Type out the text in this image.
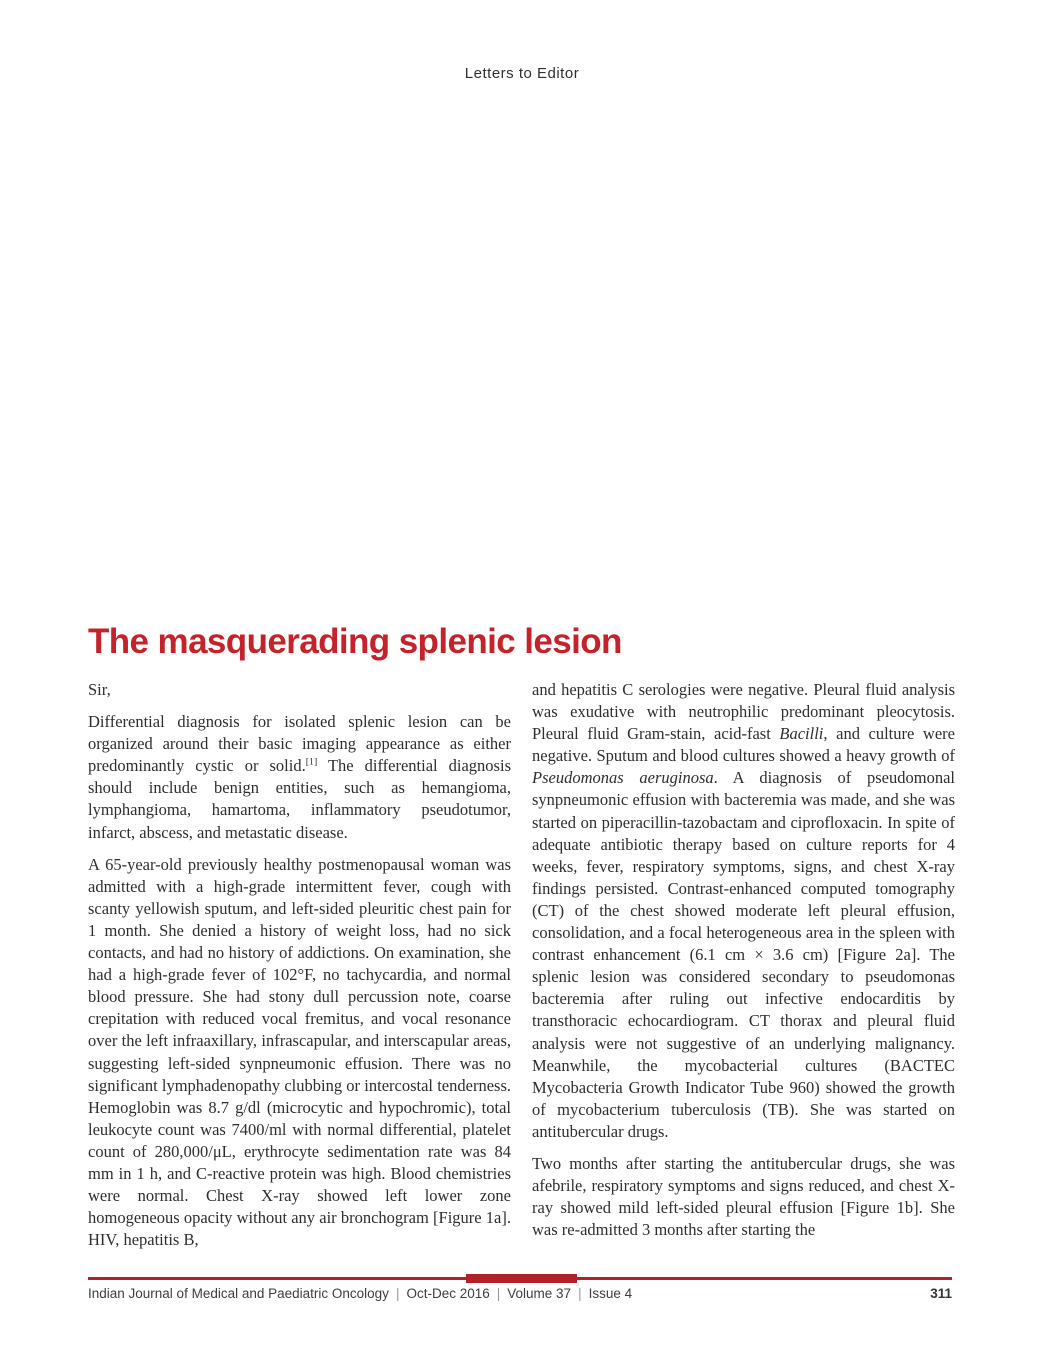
Letters to Editor
The masquerading splenic lesion

Sir,

Differential diagnosis for isolated splenic lesion can be organized around their basic imaging appearance as either predominantly cystic or solid.[1] The differential diagnosis should include benign entities, such as hemangioma, lymphangioma, hamartoma, inflammatory pseudotumor, infarct, abscess, and metastatic disease.

A 65-year-old previously healthy postmenopausal woman was admitted with a high-grade intermittent fever, cough with scanty yellowish sputum, and left-sided pleuritic chest pain for 1 month. She denied a history of weight loss, had no sick contacts, and had no history of addictions. On examination, she had a high-grade fever of 102°F, no tachycardia, and normal blood pressure. She had stony dull percussion note, coarse crepitation with reduced vocal fremitus, and vocal resonance over the left infraaxillary, infrascapular, and interscapular areas, suggesting left-sided synpneumonic effusion. There was no significant lymphadenopathy clubbing or intercostal tenderness. Hemoglobin was 8.7 g/dl (microcytic and hypochromic), total leukocyte count was 7400/ml with normal differential, platelet count of 280,000/μL, erythrocyte sedimentation rate was 84 mm in 1 h, and C-reactive protein was high. Blood chemistries were normal. Chest X-ray showed left lower zone homogeneous opacity without any air bronchogram [Figure 1a]. HIV, hepatitis B,

and hepatitis C serologies were negative. Pleural fluid analysis was exudative with neutrophilic predominant pleocytosis. Pleural fluid Gram-stain, acid-fast Bacilli, and culture were negative. Sputum and blood cultures showed a heavy growth of Pseudomonas aeruginosa. A diagnosis of pseudomonal synpneumonic effusion with bacteremia was made, and she was started on piperacillin-tazobactam and ciprofloxacin. In spite of adequate antibiotic therapy based on culture reports for 4 weeks, fever, respiratory symptoms, signs, and chest X-ray findings persisted. Contrast-enhanced computed tomography (CT) of the chest showed moderate left pleural effusion, consolidation, and a focal heterogeneous area in the spleen with contrast enhancement (6.1 cm × 3.6 cm) [Figure 2a]. The splenic lesion was considered secondary to pseudomonas bacteremia after ruling out infective endocarditis by transthoracic echocardiogram. CT thorax and pleural fluid analysis were not suggestive of an underlying malignancy. Meanwhile, the mycobacterial cultures (BACTEC Mycobacteria Growth Indicator Tube 960) showed the growth of mycobacterium tuberculosis (TB). She was started on antitubercular drugs.

Two months after starting the antitubercular drugs, she was afebrile, respiratory symptoms and signs reduced, and chest X-ray showed mild left-sided pleural effusion [Figure 1b]. She was re-admitted 3 months after starting the

Indian Journal of Medical and Paediatric Oncology | Oct-Dec 2016 | Volume 37 | Issue 4	311
